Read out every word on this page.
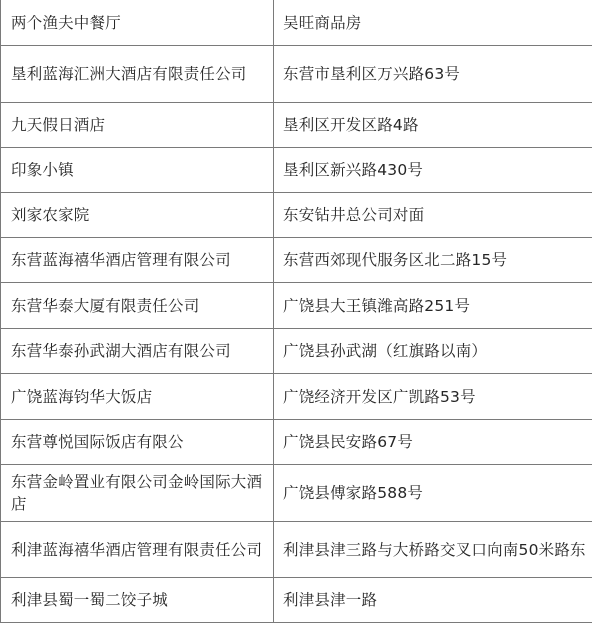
两个渔夫中餐厅	吴旺商品房
垦利蓝海汇洲大酒店有限责任公司	东营市垦利区万兴路63号
九天假日酒店	垦利区开发区路4路
印象小镇	垦利区新兴路430号
刘家农家院	东安钻井总公司对面
东营蓝海禧华酒店管理有限公司	东营西郊现代服务区北二路15号
东营华泰大厦有限责任公司	广饶县大王镇潍高路251号
东营华泰孙武湖大酒店有限公司	广饶县孙武湖（红旗路以南）
广饶蓝海钧华大饭店	广饶经济开发区广凯路53号
东营尊悦国际饭店有限公	广饶县民安路67号
东营金岭置业有限公司金岭国际大酒店	广饶县傅家路588号
利津蓝海禧华酒店管理有限责任公司	利津县津三路与大桥路交叉口向南50米路东
利津县蜀一蜀二饺子城	利津县津一路
